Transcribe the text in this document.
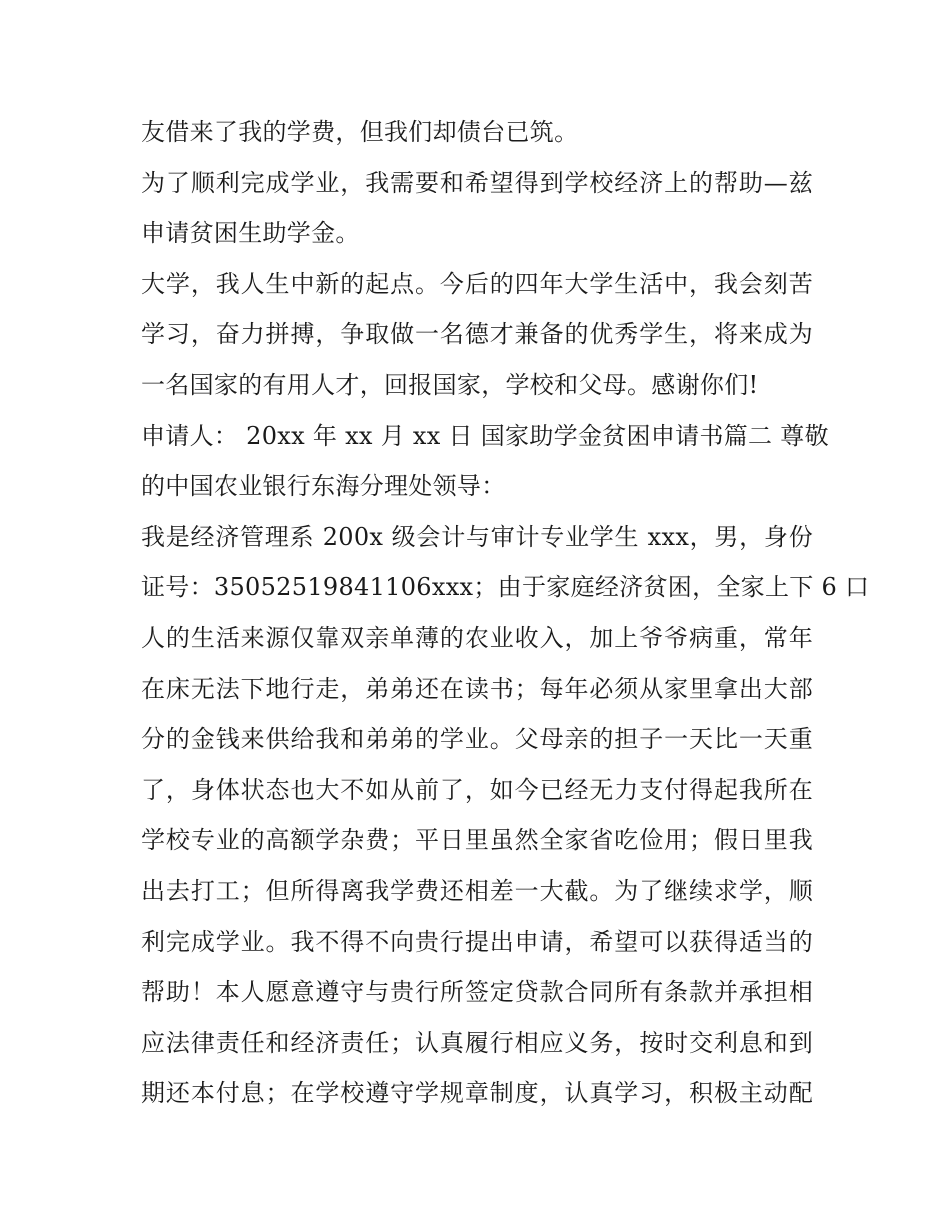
友借来了我的学费，但我们却债台已筑。
为了顺利完成学业，我需要和希望得到学校经济上的帮助—兹
申请贫困生助学金。
大学，我人生中新的起点。今后的四年大学生活中，我会刻苦
学习，奋力拼搏，争取做一名德才兼备的优秀学生，将来成为
一名国家的有用人才，回报国家，学校和父母。感谢你们!
申请人： 20xx 年 xx 月 xx 日 国家助学金贫困申请书篇二 尊敬
的中国农业银行东海分理处领导：
我是经济管理系 200x 级会计与审计专业学生 xxx，男，身份
证号：35052519841106xxx；由于家庭经济贫困，全家上下 6 口
人的生活来源仅靠双亲单薄的农业收入，加上爷爷病重，常年
在床无法下地行走，弟弟还在读书；每年必须从家里拿出大部
分的金钱来供给我和弟弟的学业。父母亲的担子一天比一天重
了，身体状态也大不如从前了，如今已经无力支付得起我所在
学校专业的高额学杂费；平日里虽然全家省吃俭用；假日里我
出去打工；但所得离我学费还相差一大截。为了继续求学，顺
利完成学业。我不得不向贵行提出申请，希望可以获得适当的
帮助！本人愿意遵守与贵行所签定贷款合同所有条款并承担相
应法律责任和经济责任；认真履行相应义务，按时交利息和到
期还本付息；在学校遵守学规章制度，认真学习，积极主动配
